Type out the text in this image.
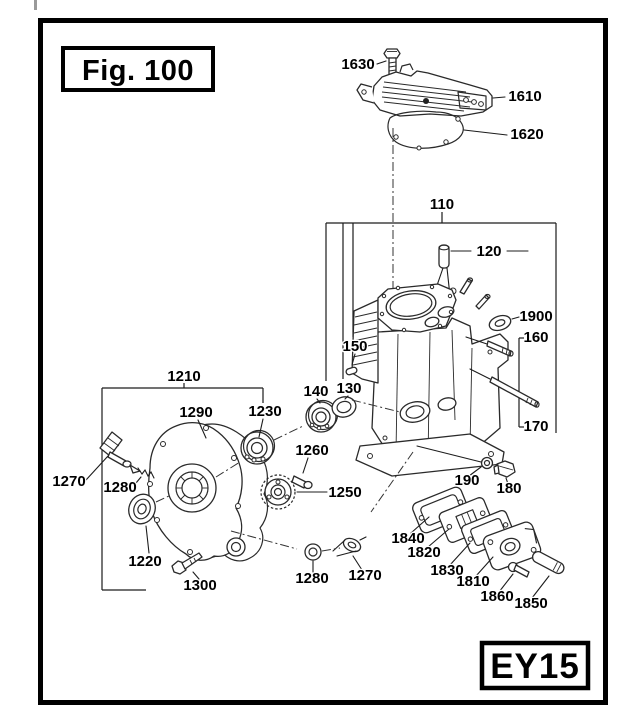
Fig. 100
EY15
1630
1610
1620
110
120
1900
160
170
150
130
140
1210
1290 1230
1260
1250
1270 1280
1220
1300	1280 1270
190 180
1840
1820
1830
1810
1860 1850
